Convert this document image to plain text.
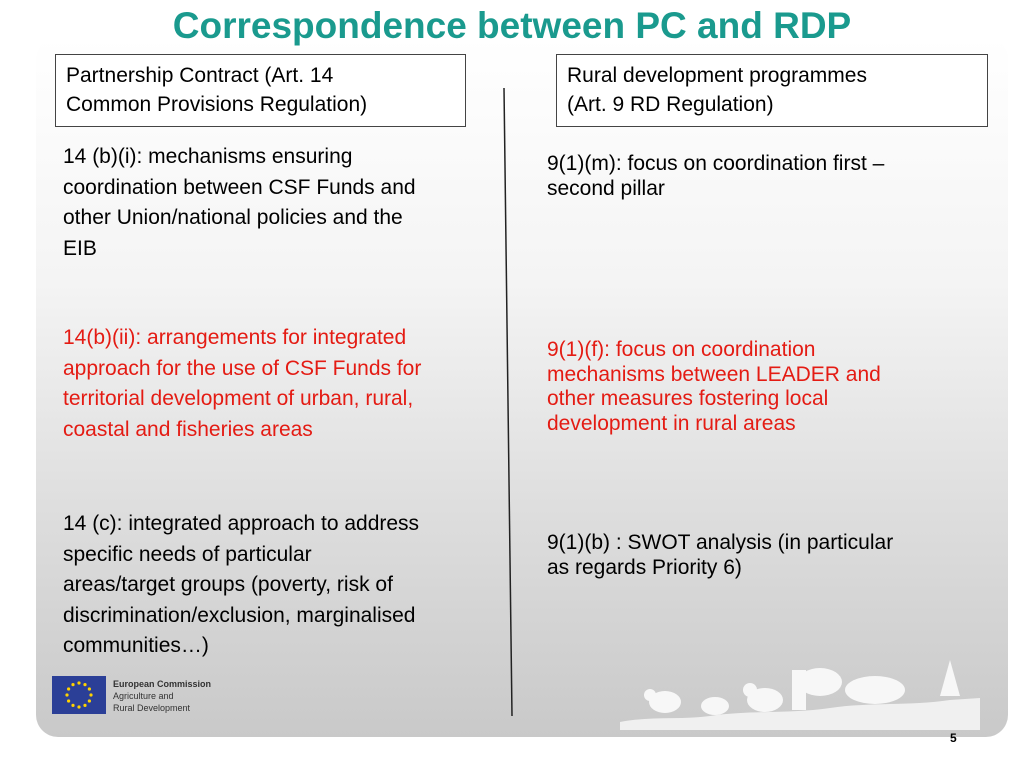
Correspondence between PC and RDP
Partnership Contract (Art. 14
Common Provisions Regulation)
Rural development programmes
(Art. 9 RD Regulation)
14 (b)(i): mechanisms ensuring
coordination between CSF Funds and
other Union/national policies and the
EIB
14(b)(ii): arrangements for integrated
approach for the use of CSF Funds for
territorial development of urban, rural,
coastal and fisheries areas
14 (c): integrated approach to address
specific needs of particular
areas/target groups (poverty, risk of
discrimination/exclusion, marginalised
communities…)
9(1)(m): focus on coordination first –
second pillar
9(1)(f): focus on coordination
mechanisms between LEADER and
other measures fostering local
development in rural areas
9(1)(b) : SWOT analysis (in particular
as regards Priority 6)
European Commission
Agriculture and
Rural Development
5
